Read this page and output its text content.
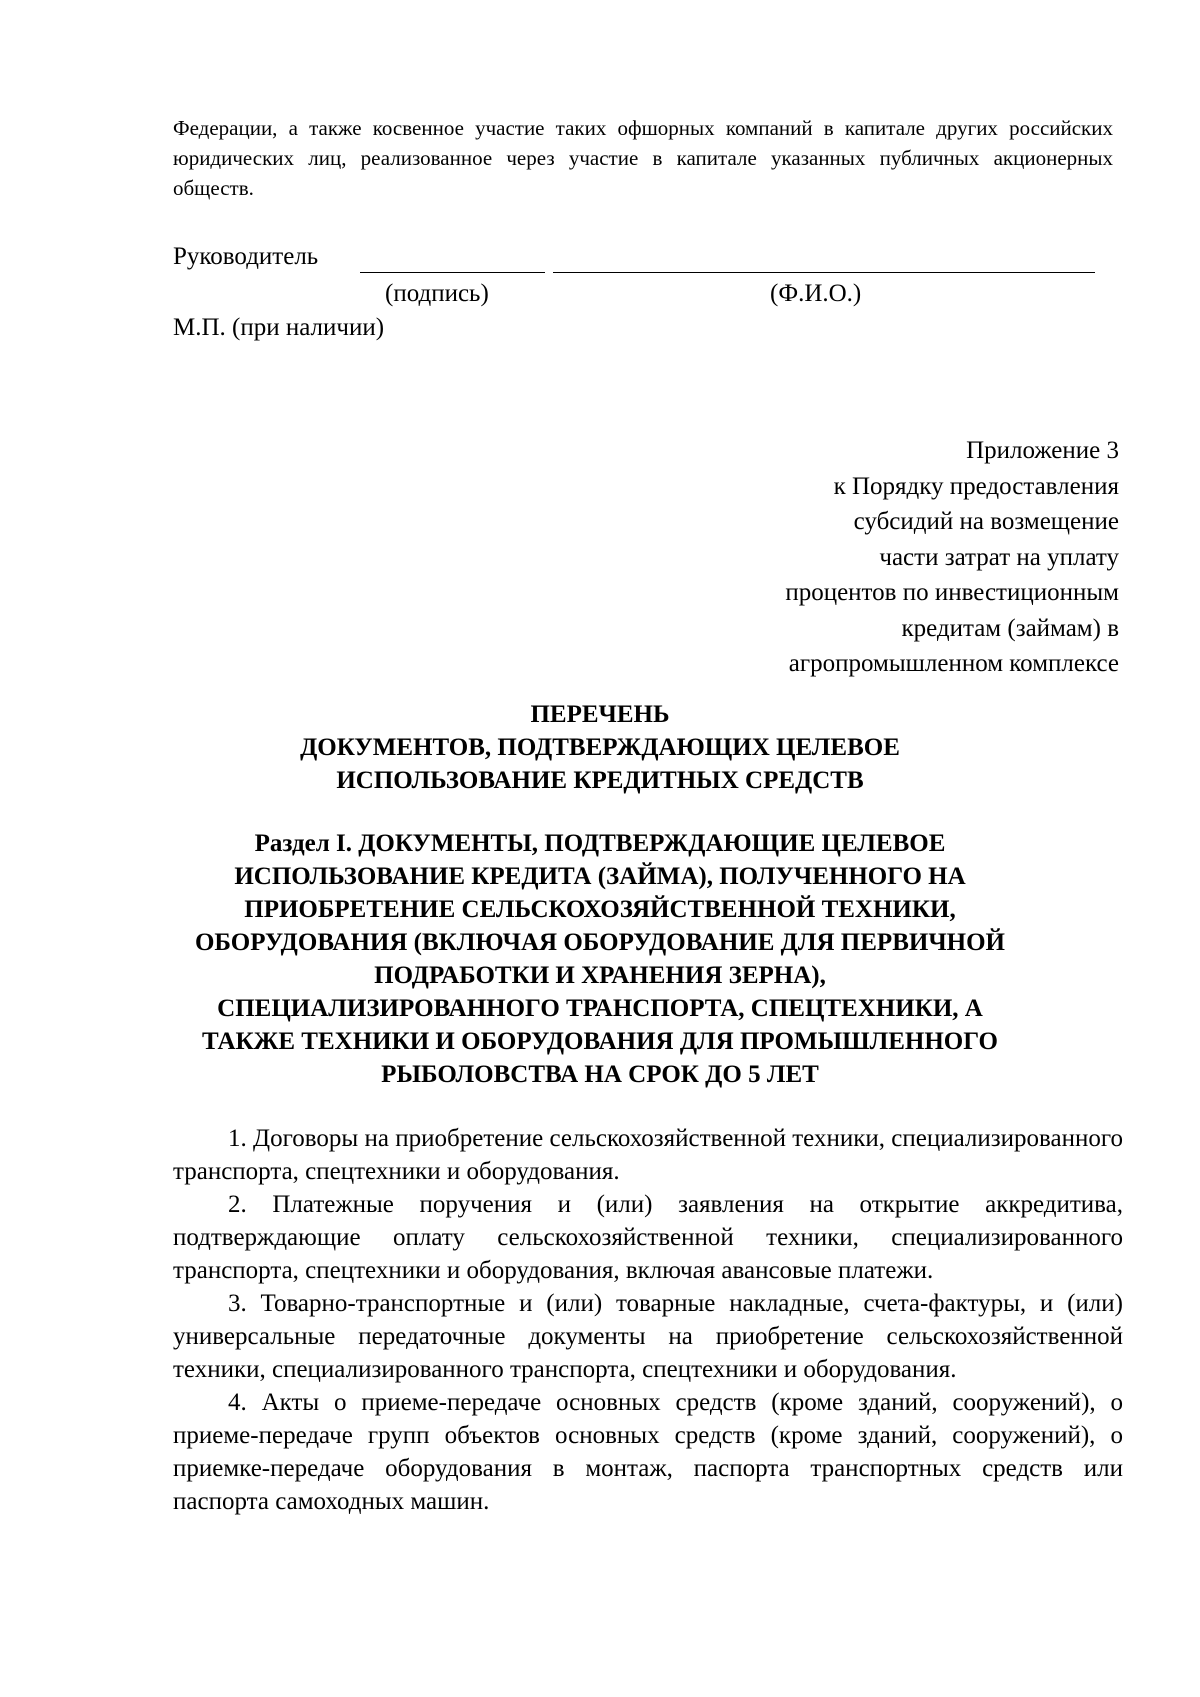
Федерации, а также косвенное участие таких офшорных компаний в капитале других российских юридических лиц, реализованное через участие в капитале указанных публичных акционерных обществ.
Руководитель
(подпись)	(Ф.И.О.)
М.П. (при наличии)
Приложение 3
к Порядку предоставления
субсидий на возмещение
части затрат на уплату
процентов по инвестиционным
кредитам (займам) в
агропромышленном комплексе
ПЕРЕЧЕНЬ
ДОКУМЕНТОВ, ПОДТВЕРЖДАЮЩИХ ЦЕЛЕВОЕ
ИСПОЛЬЗОВАНИЕ КРЕДИТНЫХ СРЕДСТВ
Раздел I. ДОКУМЕНТЫ, ПОДТВЕРЖДАЮЩИЕ ЦЕЛЕВОЕ
ИСПОЛЬЗОВАНИЕ КРЕДИТА (ЗАЙМА), ПОЛУЧЕННОГО НА
ПРИОБРЕТЕНИЕ СЕЛЬСКОХОЗЯЙСТВЕННОЙ ТЕХНИКИ,
ОБОРУДОВАНИЯ (ВКЛЮЧАЯ ОБОРУДОВАНИЕ ДЛЯ ПЕРВИЧНОЙ
ПОДРАБОТКИ И ХРАНЕНИЯ ЗЕРНА),
СПЕЦИАЛИЗИРОВАННОГО ТРАНСПОРТА, СПЕЦТЕХНИКИ, А
ТАКЖЕ ТЕХНИКИ И ОБОРУДОВАНИЯ ДЛЯ ПРОМЫШЛЕННОГО
РЫБОЛОВСТВА НА СРОК ДО 5 ЛЕТ

1. Договоры на приобретение сельскохозяйственной техники, специализированного транспорта, спецтехники и оборудования.

2. Платежные поручения и (или) заявления на открытие аккредитива, подтверждающие оплату сельскохозяйственной техники, специализированного транспорта, спецтехники и оборудования, включая авансовые платежи.

3. Товарно-транспортные и (или) товарные накладные, счета-фактуры, и (или) универсальные передаточные документы на приобретение сельскохозяйственной техники, специализированного транспорта, спецтехники и оборудования.

4. Акты о приеме-передаче основных средств (кроме зданий, сооружений), о приеме-передаче групп объектов основных средств (кроме зданий, сооружений), о приемке-передаче оборудования в монтаж, паспорта транспортных средств или паспорта самоходных машин.
